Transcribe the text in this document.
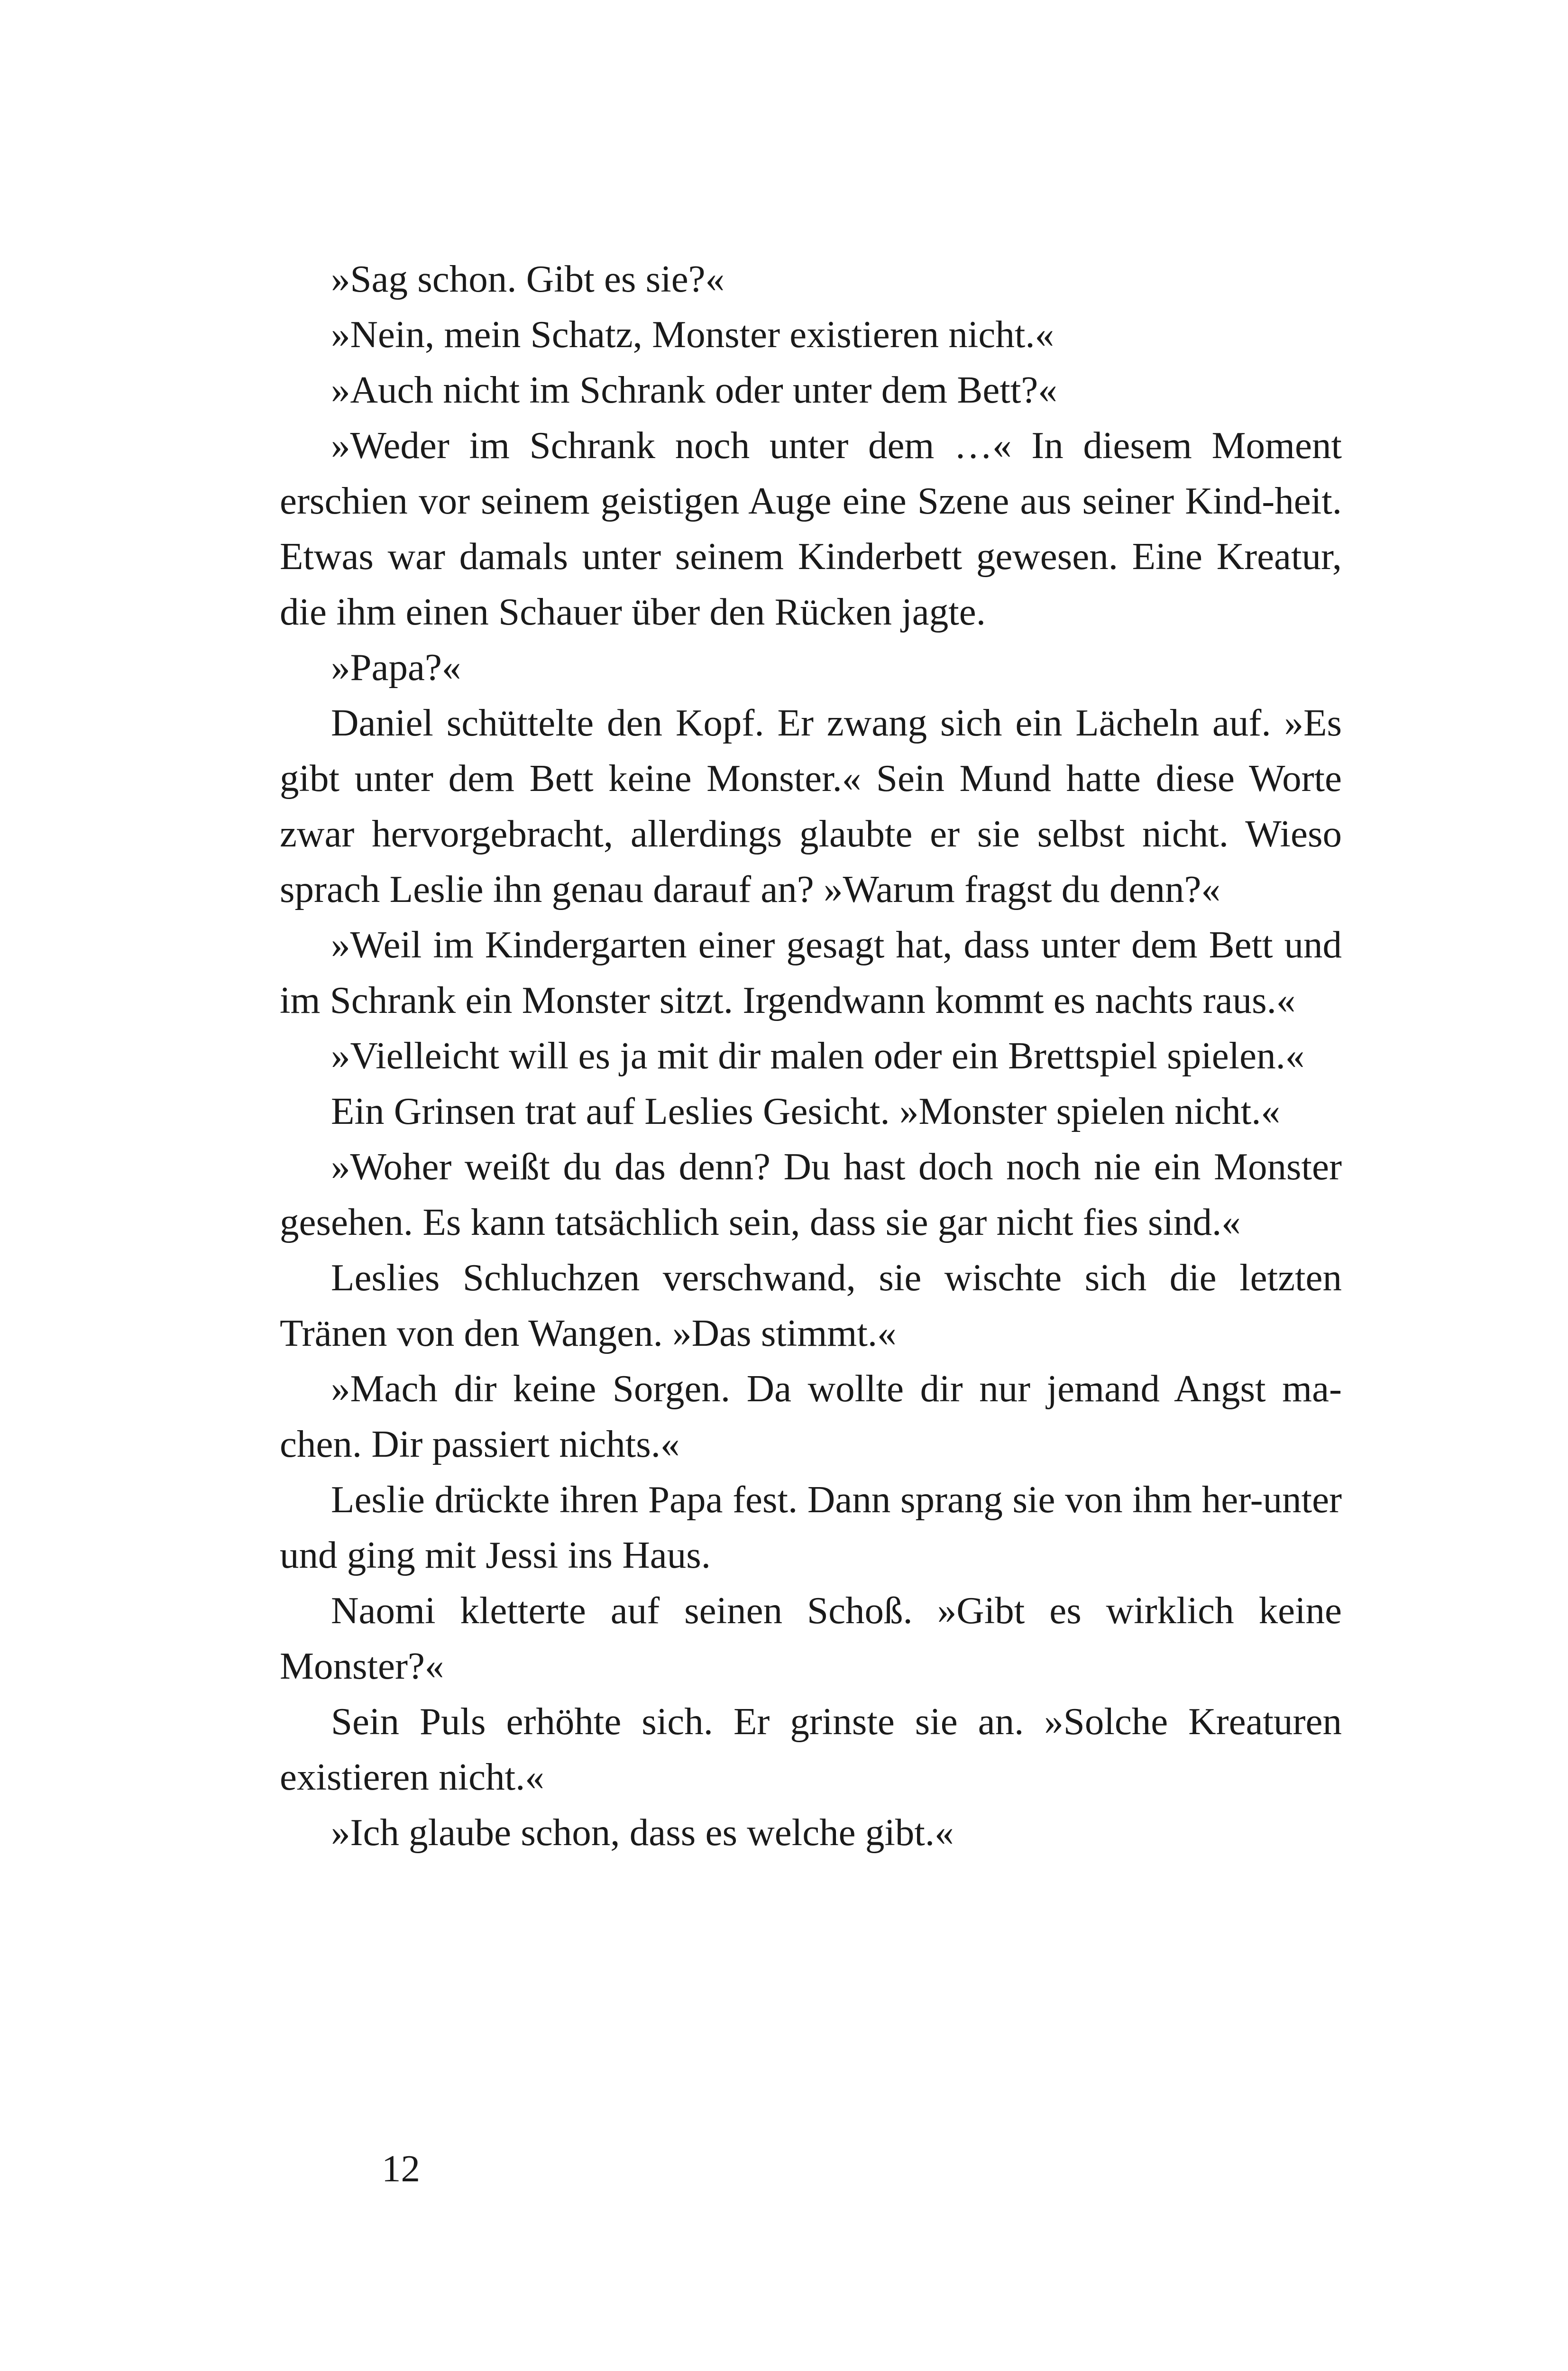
»Sag schon. Gibt es sie?«

»Nein, mein Schatz, Monster existieren nicht.«

»Auch nicht im Schrank oder unter dem Bett?«

»Weder im Schrank noch unter dem …« In diesem Moment erschien vor seinem geistigen Auge eine Szene aus seiner Kind-heit. Etwas war damals unter seinem Kinderbett gewesen. Eine Kreatur, die ihm einen Schauer über den Rücken jagte.

»Papa?«

Daniel schüttelte den Kopf. Er zwang sich ein Lächeln auf. »Es gibt unter dem Bett keine Monster.« Sein Mund hatte diese Worte zwar hervorgebracht, allerdings glaubte er sie selbst nicht. Wieso sprach Leslie ihn genau darauf an? »Warum fragst du denn?«

»Weil im Kindergarten einer gesagt hat, dass unter dem Bett und im Schrank ein Monster sitzt. Irgendwann kommt es nachts raus.«

»Vielleicht will es ja mit dir malen oder ein Brettspiel spielen.«

Ein Grinsen trat auf Leslies Gesicht. »Monster spielen nicht.«

»Woher weißt du das denn? Du hast doch noch nie ein Monster gesehen. Es kann tatsächlich sein, dass sie gar nicht fies sind.«

Leslies Schluchzen verschwand, sie wischte sich die letzten Tränen von den Wangen. »Das stimmt.«

»Mach dir keine Sorgen. Da wollte dir nur jemand Angst ma-chen. Dir passiert nichts.«

Leslie drückte ihren Papa fest. Dann sprang sie von ihm her-unter und ging mit Jessi ins Haus.

Naomi kletterte auf seinen Schoß. »Gibt es wirklich keine Monster?«

Sein Puls erhöhte sich. Er grinste sie an. »Solche Kreaturen existieren nicht.«

»Ich glaube schon, dass es welche gibt.«

12
